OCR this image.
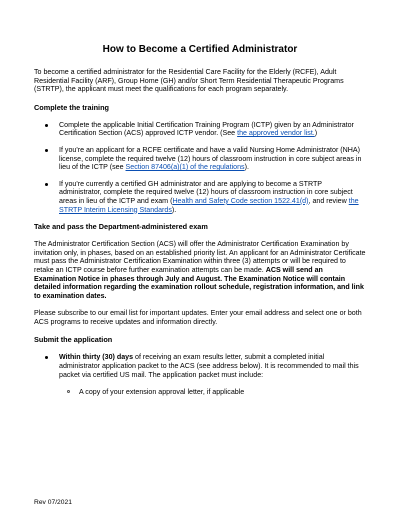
How to Become a Certified Administrator

To become a certified administrator for the Residential Care Facility for the Elderly (RCFE), Adult Residential Facility (ARF), Group Home (GH) and/or Short Term Residential Therapeutic Programs (STRTP), the applicant must meet the qualifications for each program separately.

Complete the training
Complete the applicable Initial Certification Training Program (ICTP) given by an Administrator Certification Section (ACS) approved ICTP vendor. (See the approved vendor list.)
If you're an applicant for a RCFE certificate and have a valid Nursing Home Administrator (NHA) license, complete the required twelve (12) hours of classroom instruction in core subject areas in lieu of the ICTP (see Section 87406(a)(1) of the regulations).
If you're currently a certified GH administrator and are applying to become a STRTP administrator, complete the required twelve (12) hours of classroom instruction in core subject areas in lieu of the ICTP and exam (Health and Safety Code section 1522.41(d), and review the STRTP Interim Licensing Standards).
Take and pass the Department-administered exam

The Administrator Certification Section (ACS) will offer the Administrator Certification Examination by invitation only, in phases, based on an established priority list. An applicant for an Administrator Certificate must pass the Administrator Certification Examination within three (3) attempts or will be required to retake an ICTP course before further examination attempts can be made. ACS will send an Examination Notice in phases through July and August. The Examination Notice will contain detailed information regarding the examination rollout schedule, registration information, and link to examination dates.

Please subscribe to our email list for important updates. Enter your email address and select one or both ACS programs to receive updates and information directly.

Submit the application
Within thirty (30) days of receiving an exam results letter, submit a completed initial administrator application packet to the ACS (see address below). It is recommended to mail this packet via certified US mail. The application packet must include:
A copy of your extension approval letter, if applicable
Rev 07/2021
